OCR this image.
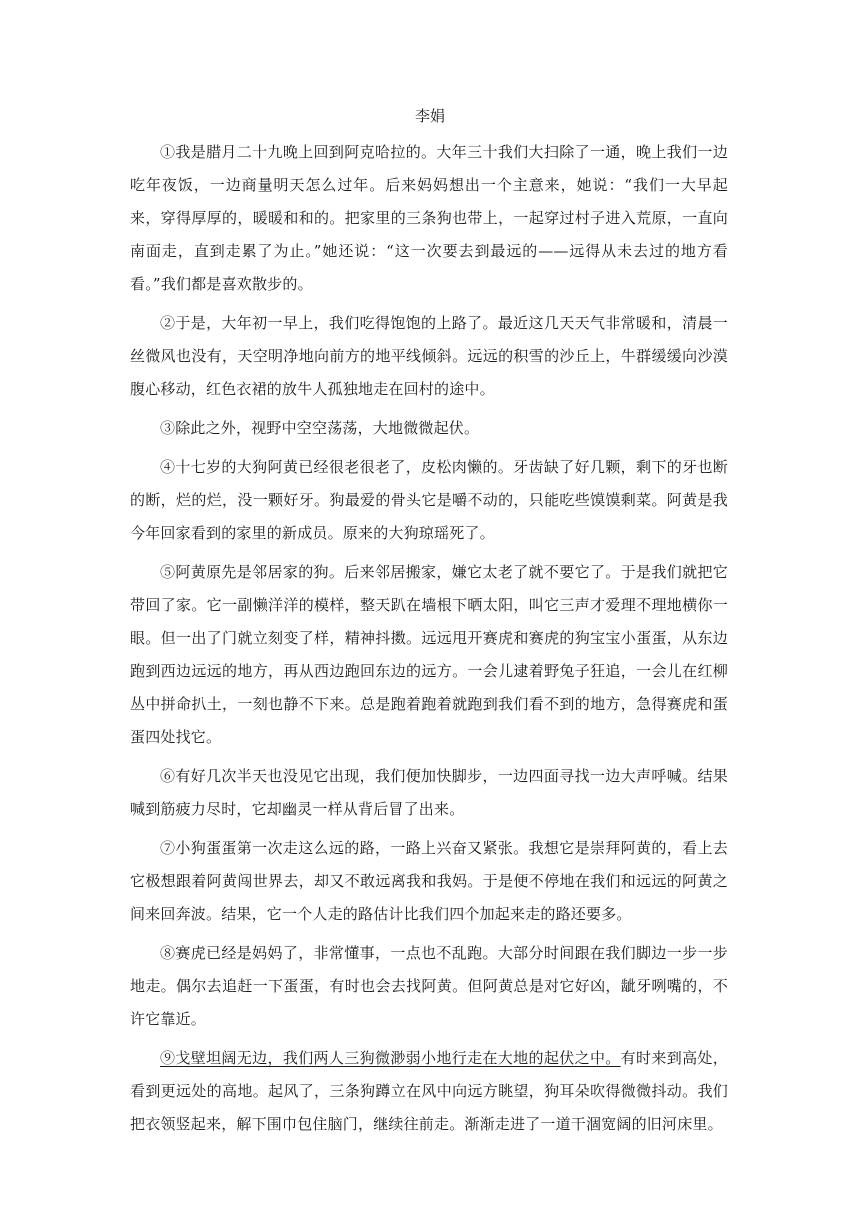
李娟

①我是腊月二十九晚上回到阿克哈拉的。大年三十我们大扫除了一通，晚上我们一边吃年夜饭，一边商量明天怎么过年。后来妈妈想出一个主意来，她说：“我们一大早起来，穿得厚厚的，暖暖和和的。把家里的三条狗也带上，一起穿过村子进入荒原，一直向南面走，直到走累了为止。”她还说：“这一次要去到最远的——远得从未去过的地方看看。”我们都是喜欢散步的。

②于是，大年初一早上，我们吃得饱饱的上路了。最近这几天天气非常暖和，清晨一丝微风也没有，天空明净地向前方的地平线倾斜。远远的积雪的沙丘上，牛群缓缓向沙漠腹心移动，红色衣裙的放牛人孤独地走在回村的途中。

③除此之外，视野中空空荡荡，大地微微起伏。

④十七岁的大狗阿黄已经很老很老了，皮松肉懒的。牙齿缺了好几颗，剩下的牙也断的断，烂的烂，没一颗好牙。狗最爱的骨头它是嚼不动的，只能吃些馍馍剩菜。阿黄是我今年回家看到的家里的新成员。原来的大狗琼瑶死了。

⑤阿黄原先是邻居家的狗。后来邻居搬家，嫌它太老了就不要它了。于是我们就把它带回了家。它一副懒洋洋的模样，整天趴在墙根下晒太阳，叫它三声才爱理不理地横你一眼。但一出了门就立刻变了样，精神抖擞。远远甩开赛虎和赛虎的狗宝宝小蛋蛋，从东边跑到西边远远的地方，再从西边跑回东边的远方。一会儿逮着野兔子狂追，一会儿在红柳丛中拼命扒土，一刻也静不下来。总是跑着跑着就跑到我们看不到的地方，急得赛虎和蛋蛋四处找它。

⑥有好几次半天也没见它出现，我们便加快脚步，一边四面寻找一边大声呼喊。结果喊到筋疲力尽时，它却幽灵一样从背后冒了出来。

⑦小狗蛋蛋第一次走这么远的路，一路上兴奋又紧张。我想它是崇拜阿黄的，看上去它极想跟着阿黄闯世界去，却又不敢远离我和我妈。于是便不停地在我们和远远的阿黄之间来回奔波。结果，它一个人走的路估计比我们四个加起来走的路还要多。

⑧赛虎已经是妈妈了，非常懂事，一点也不乱跑。大部分时间跟在我们脚边一步一步地走。偶尔去追赶一下蛋蛋，有时也会去找阿黄。但阿黄总是对它好凶，龇牙咧嘴的，不许它靠近。

⑨戈壁坦阔无边，我们两人三狗微渺弱小地行走在大地的起伏之中。有时来到高处，看到更远处的高地。起风了，三条狗蹲立在风中向远方眺望，狗耳朵吹得微微抖动。我们把衣领竖起来，解下围巾包住脑门，继续往前走。渐渐走进了一道干涸宽阔的旧河床里。
